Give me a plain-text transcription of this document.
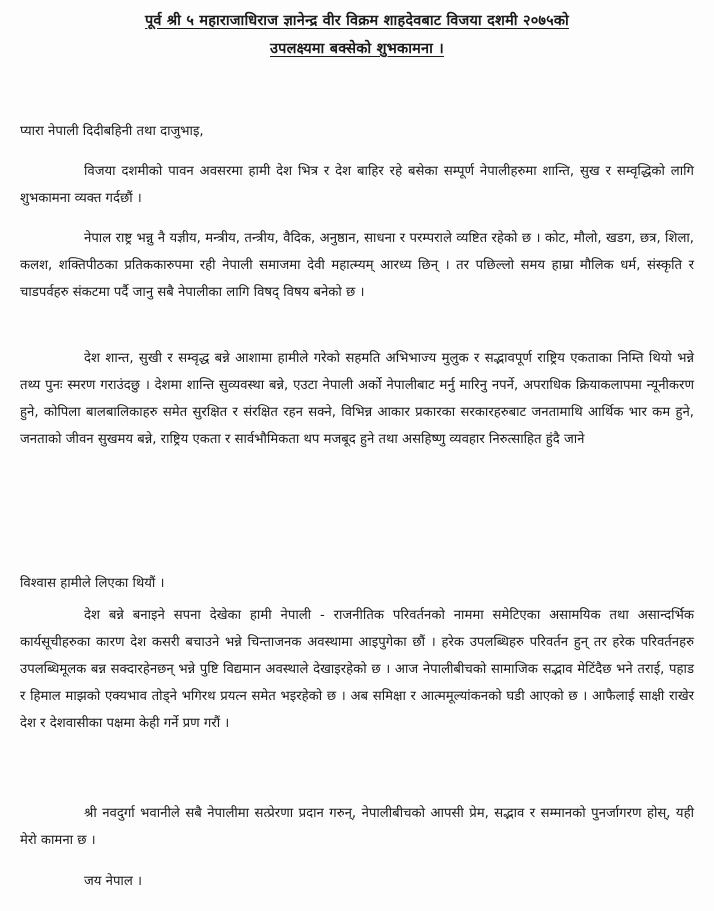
पूर्व श्री ५ महाराजाधिराज ज्ञानेन्द्र वीर विक्रम शाहदेवबाट विजया दशमी २०७५को
उपलक्ष्यमा बक्सेको शुभकामना ।
प्यारा नेपाली दिदीबहिनी तथा दाजुभाइ,
विजया दशमीको पावन अवसरमा हामी देश भित्र र देश बाहिर रहे बसेका सम्पूर्ण नेपालीहरुमा शान्ति, सुख र सम्वृद्धिको लागि शुभकामना व्यक्त गर्दछौं ।
नेपाल राष्ट्र भन्नु नै यज्ञीय, मन्त्रीय, तन्त्रीय, वैदिक, अनुष्ठान, साधना र परम्पराले व्यष्टित रहेको छ । कोट, मौलो, खडग, छत्र, शिला, कलश, शक्तिपीठका प्रतिककारुपमा रही नेपाली समाजमा देवी महात्म्यम् आरध्य छिन् । तर पछिल्लो समय हाम्रा मौलिक धर्म, संस्कृति र चाडपर्वहरु संकटमा पर्दै जानु सबै नेपालीका लागि विषद् विषय बनेको छ ।
देश शान्त, सुखी र सम्वृद्ध बन्ने आशामा हामीले गरेको सहमति अभिभाज्य मुलुक र सद्भावपूर्ण राष्ट्रिय एकताका निम्ति थियो भन्ने तथ्य पुनः स्मरण गराउंदछु । देशमा शान्ति सुव्यवस्था बन्ने, एउटा नेपाली अर्को नेपालीबाट मर्नु मारिनु नपर्ने, अपराधिक क्रियाकलापमा न्यूनीकरण हुने, कोपिला बालबालिकाहरु समेत सुरक्षित र संरक्षित रहन सक्ने, विभिन्न आकार प्रकारका सरकारहरुबाट जनतामाथि आर्थिक भार कम हुने, जनताको जीवन सुखमय बन्ने, राष्ट्रिय एकता र सार्वभौमिकता थप मजबूद हुने तथा असहिष्णु व्यवहार निरुत्साहित हुंदै जाने
विश्वास हामीले लिएका थियौं ।
देश बन्ने बनाइने सपना देखेका हामी नेपाली - राजनीतिक परिवर्तनको नाममा समेटिएका असामयिक तथा असान्दर्भिक कार्यसूचीहरुका कारण देश कसरी बचाउने भन्ने चिन्ताजनक अवस्थामा आइपुगेका छौं । हरेक उपलब्धिहरु परिवर्तन हुन् तर हरेक परिवर्तनहरु उपलब्धिमूलक बन्न सक्दारहेनछन् भन्ने पुष्टि विद्यमान अवस्थाले देखाइरहेको छ । आज नेपालीबीचको सामाजिक सद्भाव मेटिंदैछ भने तराई, पहाड र हिमाल माझको एक्यभाव तोड्ने भगिरथ प्रयत्न समेत भइरहेको छ । अब समिक्षा र आत्ममूल्यांकनको घडी आएको छ । आफैलाई साक्षी राखेर देश र देशवासीका पक्षमा केही गर्ने प्रण गरौं ।
श्री नवदुर्गा भवानीले सबै नेपालीमा सत्प्रेरणा प्रदान गरुन्, नेपालीबीचको आपसी प्रेम, सद्भाव र सम्मानको पुनर्जागरण होस्, यही मेरो कामना छ ।
जय नेपाल ।
